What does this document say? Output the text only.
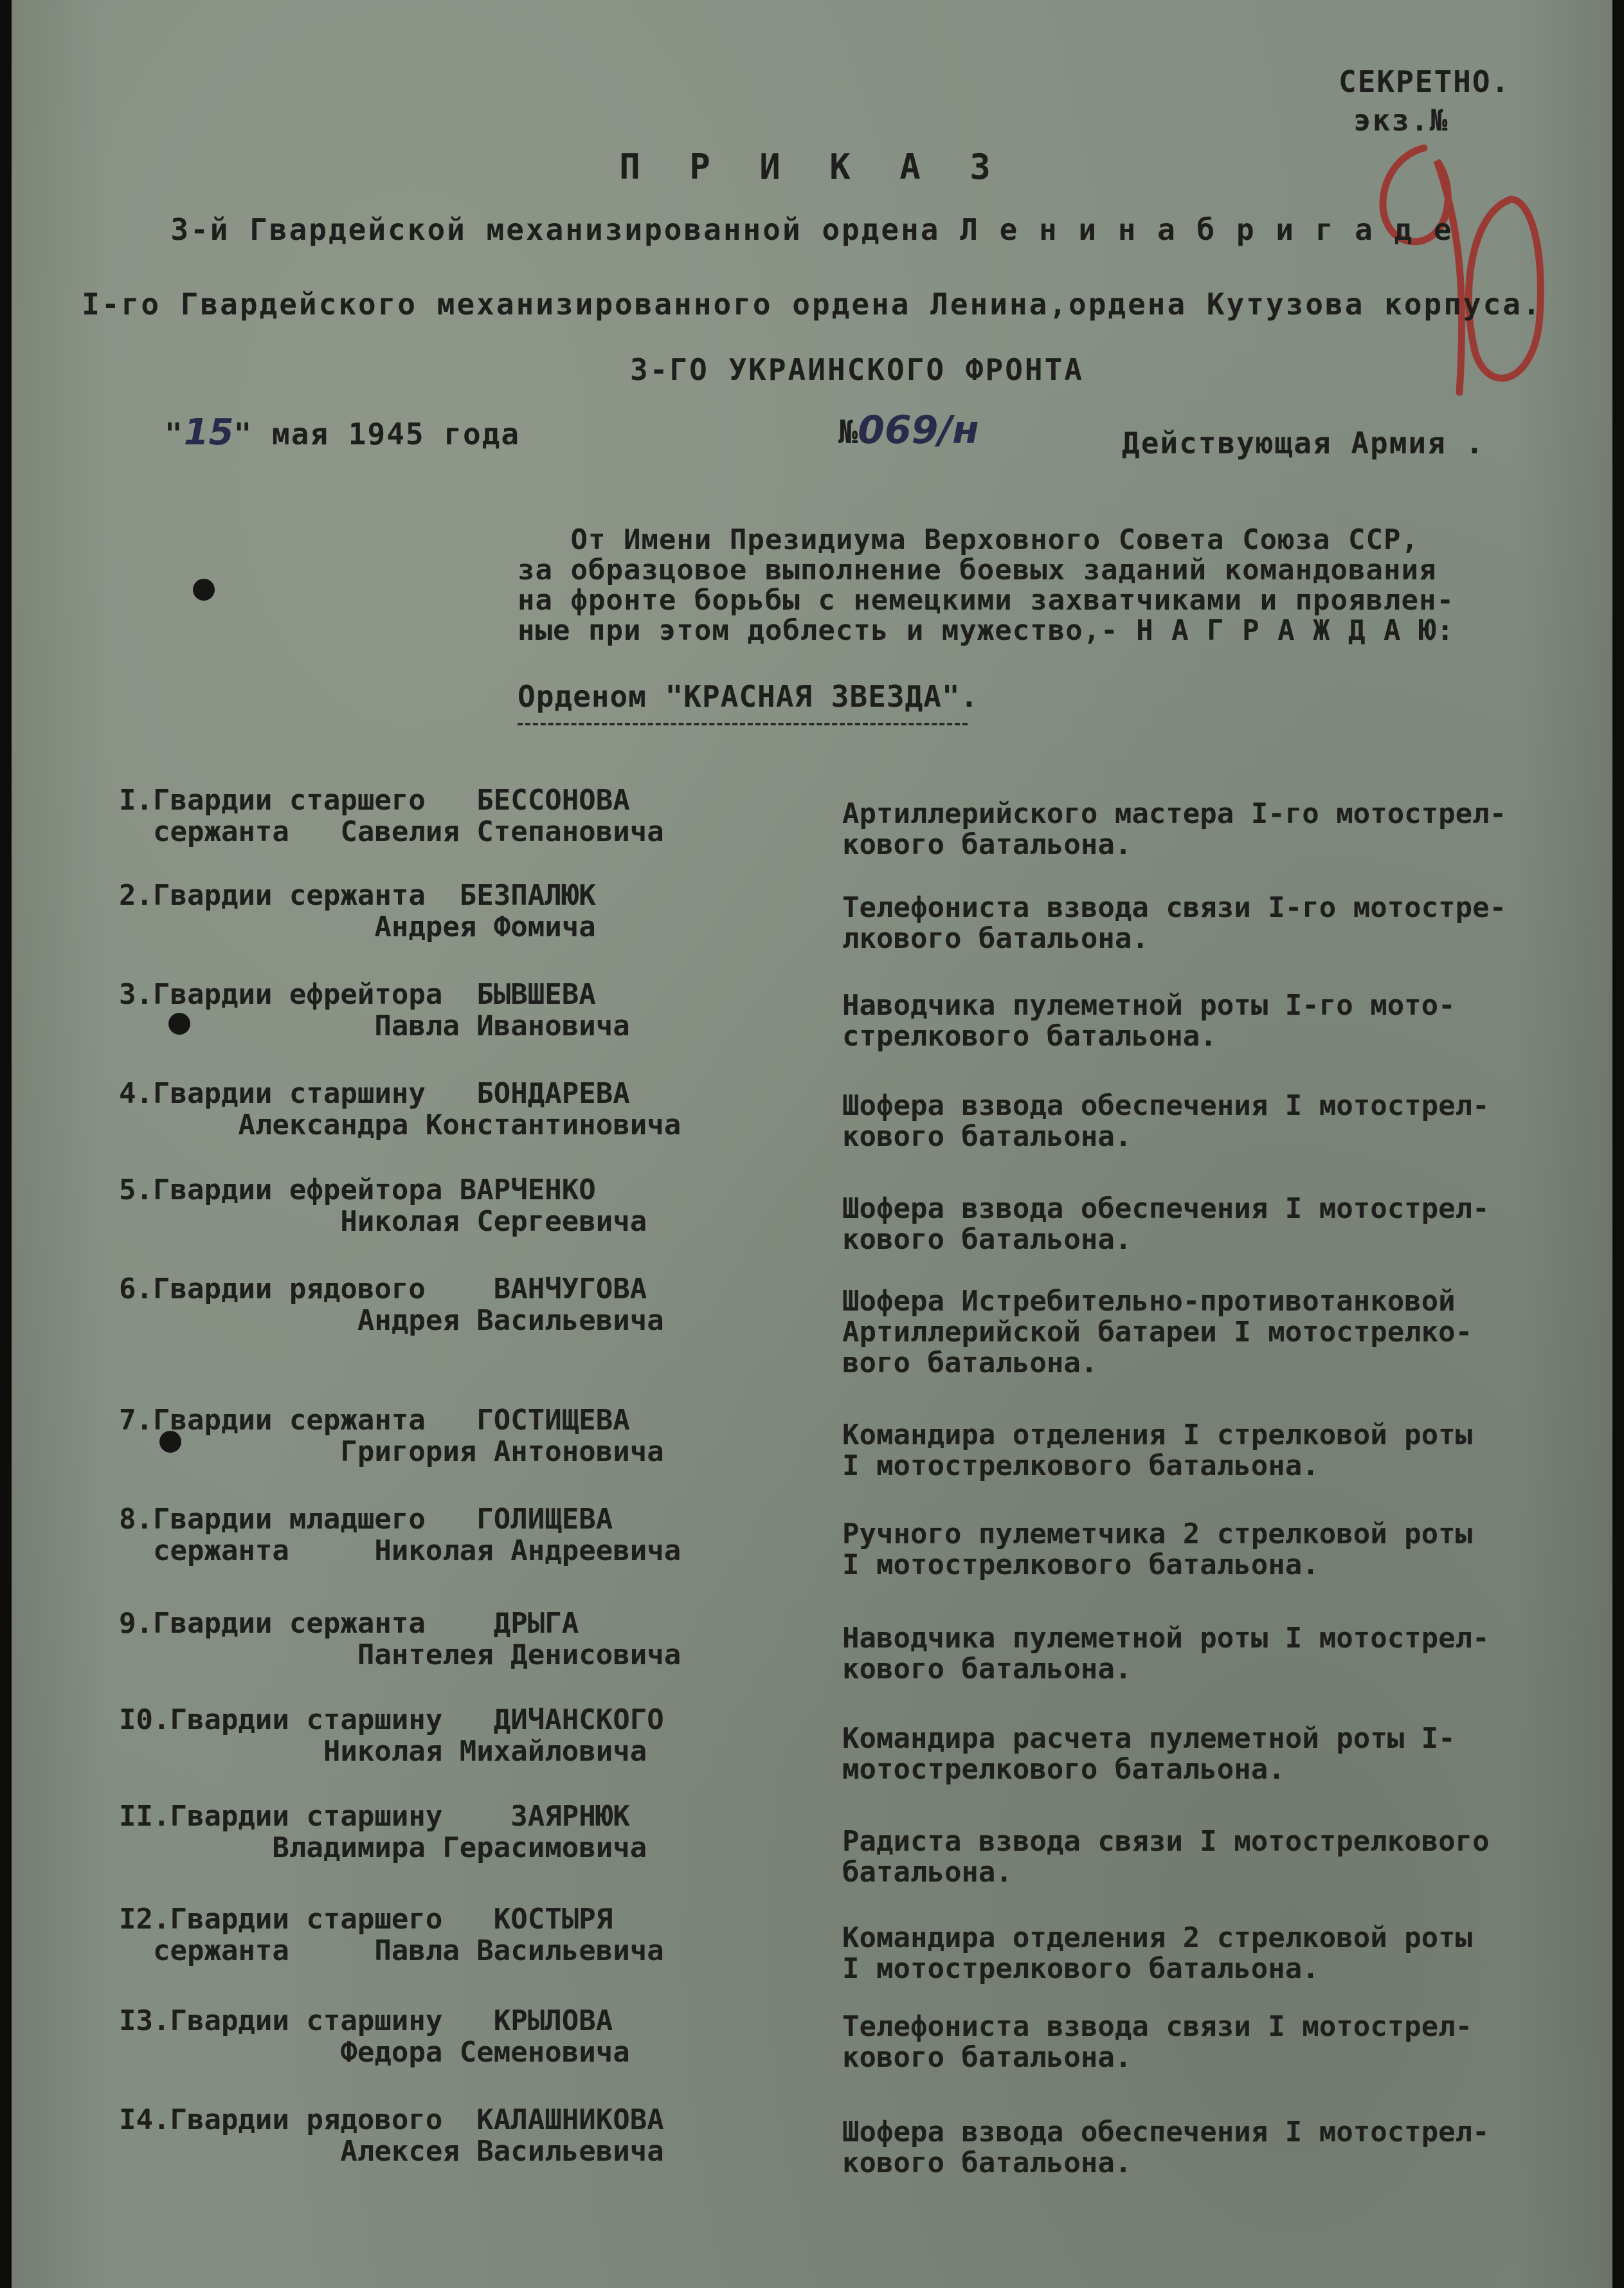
СЕКРЕТНО.
экз.№
П Р И К А З
3-й Гвардейской механизированной ордена Л е н и н а б р и г а д е
I-го Гвардейского механизированного ордена Ленина,ордена Кутузова корпуса.
3-ГО УКРАИНСКОГО ФРОНТА
"15" мая 1945 года	№069/н	Действующая Армия .
От Имени Президиума Верховного Совета Союза ССР,
за образцовое выполнение боевых заданий командования
на фронте борьбы с немецкими захватчиками и проявлен-
ные при этом доблесть и мужество,- Н А Г Р А Ж Д А Ю:
Орденом "КРАСНАЯ ЗВЕЗДА".
I.Гвардии старшего   БЕССОНОВА
сержанта   Савелия Степановича
Артиллерийского мастера I-го мотострел-
кового батальона.
2.Гвардии сержанта  БЕЗПАЛЮК
Андрея Фомича
Телефониста взвода связи I-го мотостре-
лкового батальона.
3.Гвардии ефрейтора  БЫВШЕВА
Павла Ивановича
Наводчика пулеметной роты I-го мото-
стрелкового батальона.
4.Гвардии старшину   БОНДАРЕВА
Александра Константиновича
Шофера взвода обеспечения I мотострел-
кового батальона.
5.Гвардии ефрейтора ВАРЧЕНКО
Николая Сергеевича	Шофера взвода обеспечения I мотострел-
кового батальона.
6.Гвардии рядового    ВАНЧУГОВА
Андрея Васильевича
Шофера Истребительно-противотанковой
Артиллерийской батареи I мотострелко-
вого батальона.
7.Гвардии сержанта   ГОСТИЩЕВА
Григория Антоновича
Командира отделения I стрелковой роты
I мотострелкового батальона.
8.Гвардии младшего   ГОЛИЩЕВА
сержанта     Николая Андреевича
Ручного пулеметчика 2 стрелковой роты
I мотострелкового батальона.
9.Гвардии сержанта    ДРЫГА
Пантелея Денисовича
Наводчика пулеметной роты I мотострел-
кового батальона.
I0.Гвардии старшину   ДИЧАНСКОГО
Николая Михайловича	Командира расчета пулеметной роты I-
мотострелкового батальона.
II.Гвардии старшину    ЗАЯРНЮК
Владимира Герасимовича	Радиста взвода связи I мотострелкового
батальона.
I2.Гвардии старшего   КОСТЫРЯ
сержанта     Павла Васильевича	Командира отделения 2 стрелковой роты
I мотострелкового батальона.
I3.Гвардии старшину   КРЫЛОВА
Федора Семеновича
Телефониста взвода связи I мотострел-
кового батальона.
I4.Гвардии рядового  КАЛАШНИКОВА
Алексея Васильевича
Шофера взвода обеспечения I мотострел-
кового батальона.
